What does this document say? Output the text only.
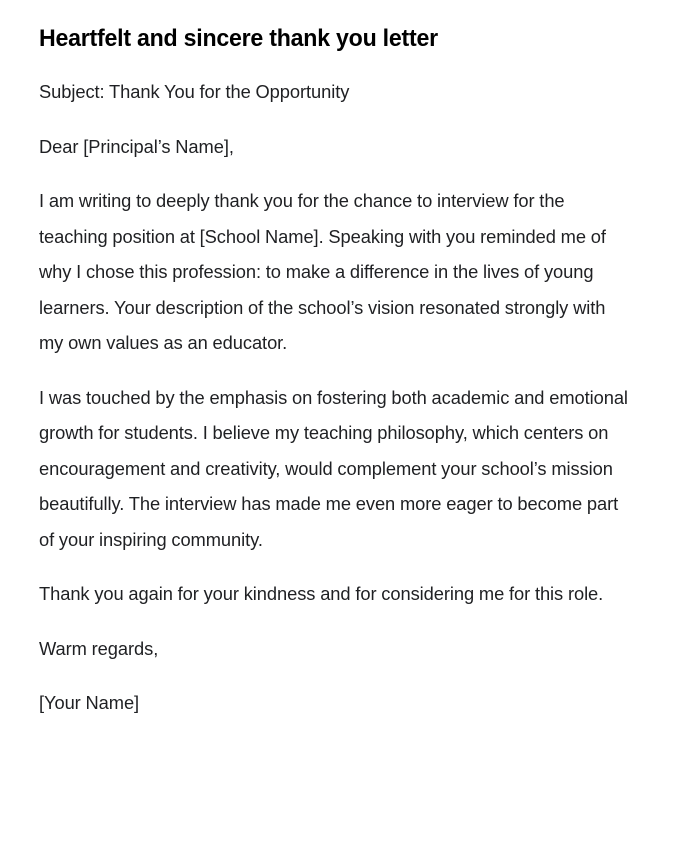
Heartfelt and sincere thank you letter

Subject: Thank You for the Opportunity

Dear [Principal’s Name],

I am writing to deeply thank you for the chance to interview for the teaching position at [School Name]. Speaking with you reminded me of why I chose this profession: to make a difference in the lives of young learners. Your description of the school’s vision resonated strongly with my own values as an educator.

I was touched by the emphasis on fostering both academic and emotional growth for students. I believe my teaching philosophy, which centers on encouragement and creativity, would complement your school’s mission beautifully. The interview has made me even more eager to become part of your inspiring community.

Thank you again for your kindness and for considering me for this role.

Warm regards,

[Your Name]
